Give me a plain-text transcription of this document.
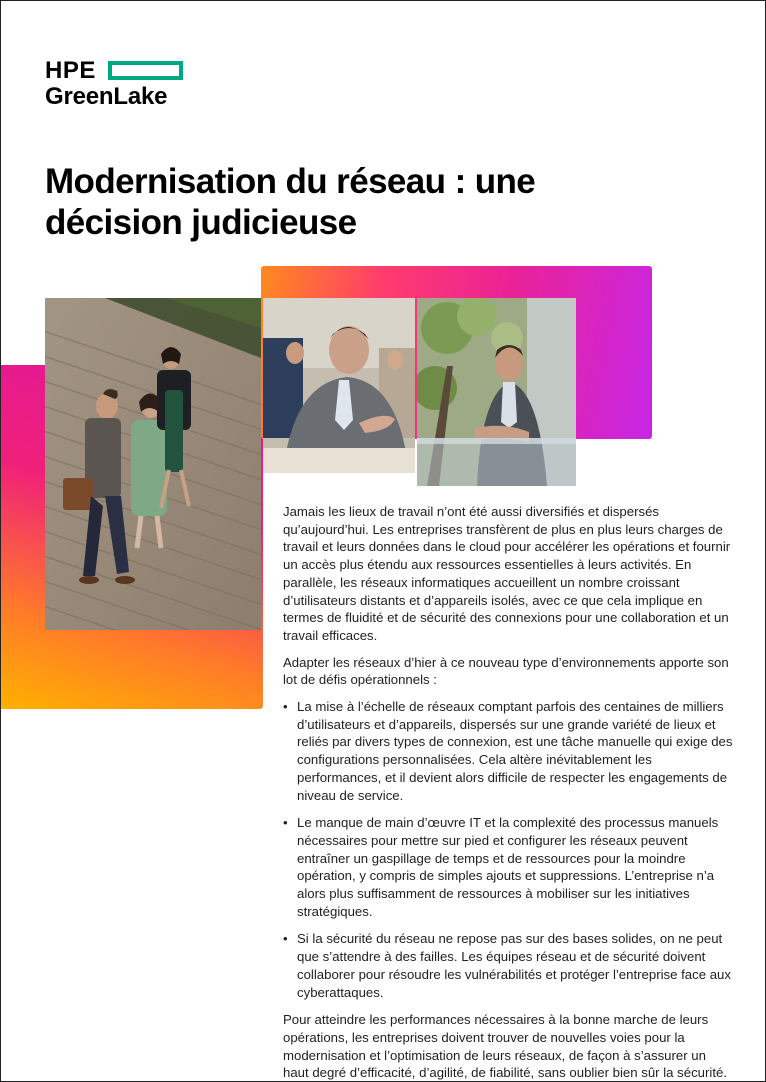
HPE
GreenLake
Modernisation du réseau : une décision judicieuse

Jamais les lieux de travail n’ont été aussi diversifiés et dispersés qu’aujourd’hui. Les entreprises transfèrent de plus en plus leurs charges de travail et leurs données dans le cloud pour accélérer les opérations et fournir un accès plus étendu aux ressources essentielles à leurs activités. En parallèle, les réseaux informatiques accueillent un nombre croissant d’utilisateurs distants et d’appareils isolés, avec ce que cela implique en termes de fluidité et de sécurité des connexions pour une collaboration et un travail efficaces.

Adapter les réseaux d’hier à ce nouveau type d’environnements apporte son lot de défis opérationnels :

• La mise à l’échelle de réseaux comptant parfois des centaines de milliers d’utilisateurs et d’appareils, dispersés sur une grande variété de lieux et reliés par divers types de connexion, est une tâche manuelle qui exige des configurations personnalisées. Cela altère inévitablement les performances, et il devient alors difficile de respecter les engagements de niveau de service.
• Le manque de main d’œuvre IT et la complexité des processus manuels nécessaires pour mettre sur pied et configurer les réseaux peuvent entraîner un gaspillage de temps et de ressources pour la moindre opération, y compris de simples ajouts et suppressions. L’entreprise n’a alors plus suffisamment de ressources à mobiliser sur les initiatives stratégiques.
• Si la sécurité du réseau ne repose pas sur des bases solides, on ne peut que s’attendre à des failles. Les équipes réseau et de sécurité doivent collaborer pour résoudre les vulnérabilités et protéger l’entreprise face aux cyberattaques.

Pour atteindre les performances nécessaires à la bonne marche de leurs opérations, les entreprises doivent trouver de nouvelles voies pour la modernisation et l’optimisation de leurs réseaux, de façon à s’assurer un haut degré d’efficacité, d’agilité, de fiabilité, sans oublier bien sûr la sécurité.
